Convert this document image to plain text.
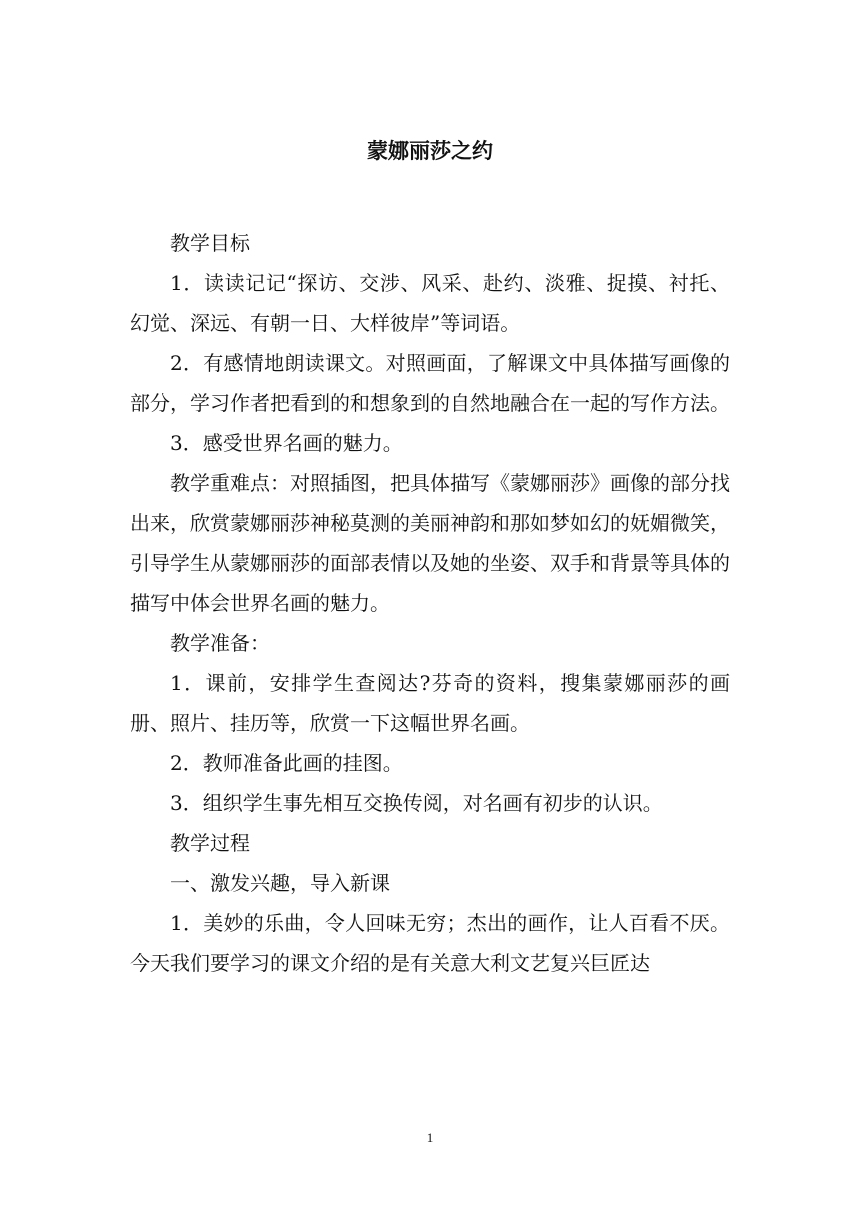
蒙娜丽莎之约

教学目标

1．读读记记“探访、交涉、风采、赴约、淡雅、捉摸、衬托、幻觉、深远、有朝一日、大样彼岸”等词语。

2．有感情地朗读课文。对照画面，了解课文中具体描写画像的部分，学习作者把看到的和想象到的自然地融合在一起的写作方法。

3．感受世界名画的魅力。

教学重难点：对照插图，把具体描写《蒙娜丽莎》画像的部分找出来，欣赏蒙娜丽莎神秘莫测的美丽神韵和那如梦如幻的妩媚微笑，引导学生从蒙娜丽莎的面部表情以及她的坐姿、双手和背景等具体的描写中体会世界名画的魅力。

教学准备：

1．课前，安排学生查阅达?芬奇的资料，搜集蒙娜丽莎的画册、照片、挂历等，欣赏一下这幅世界名画。

2．教师准备此画的挂图。

3．组织学生事先相互交换传阅，对名画有初步的认识。

教学过程

一、激发兴趣，导入新课

1．美妙的乐曲，令人回味无穷；杰出的画作，让人百看不厌。今天我们要学习的课文介绍的是有关意大利文艺复兴巨匠达

1
